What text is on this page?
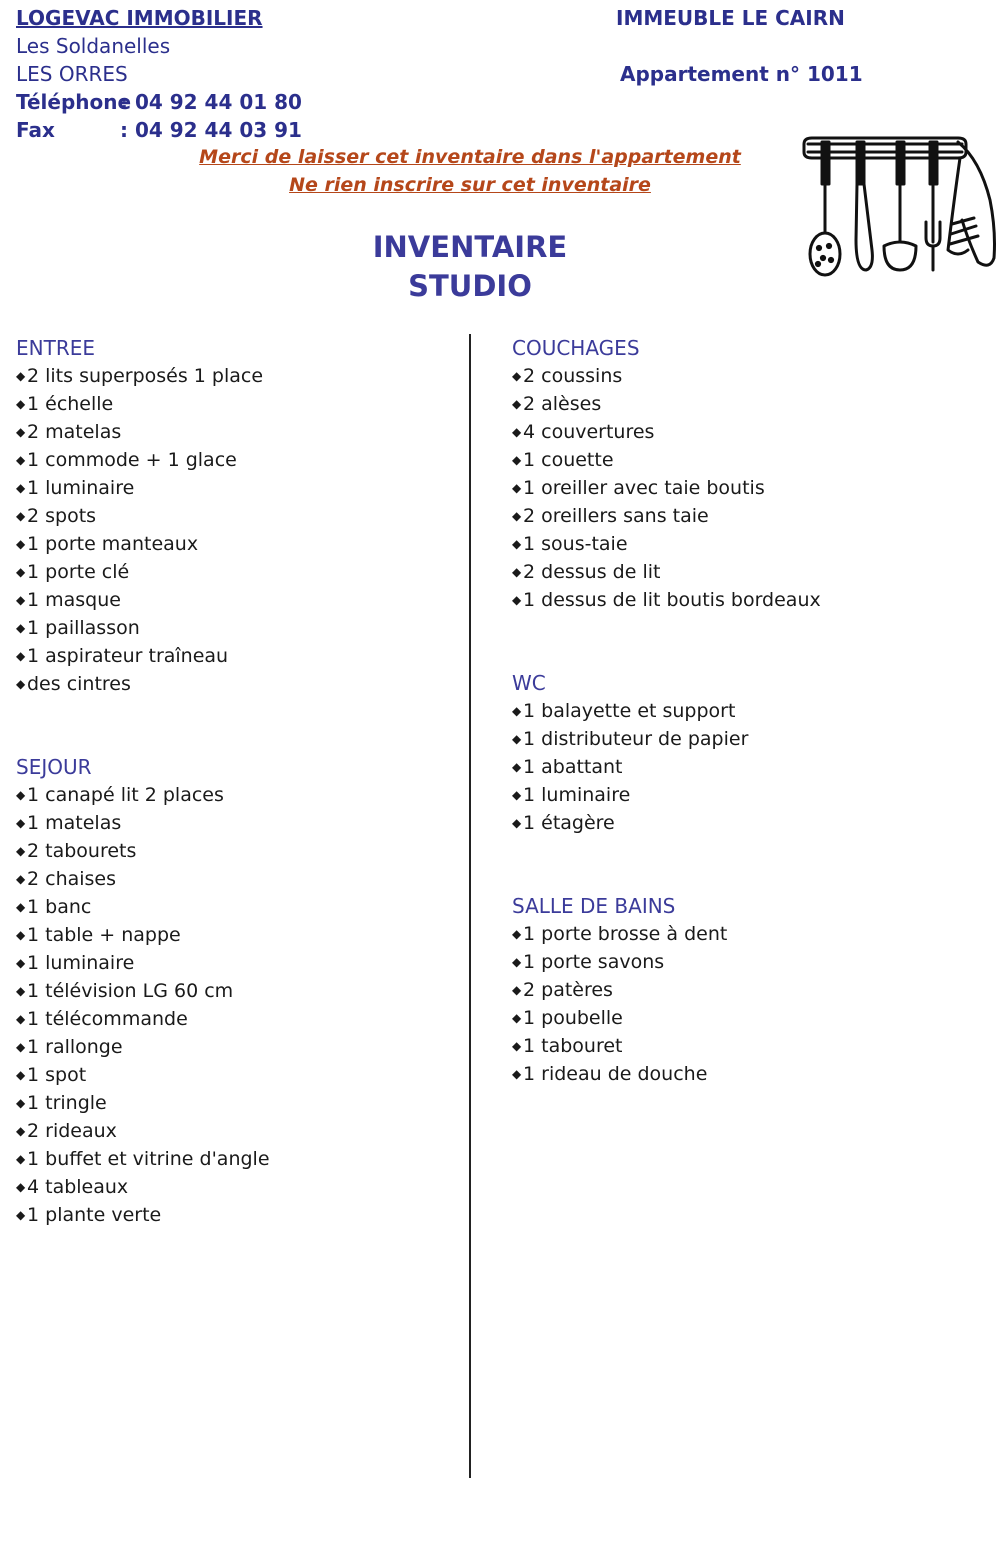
LOGEVAC IMMOBILIER
Les Soldanelles
LES ORRES
Téléphone: 04 92 44 01 80
Fax	: 04 92 44 03 91
IMMEUBLE LE CAIRN
Appartement n° 1011
Merci de laisser cet inventaire dans l'appartement
Ne rien inscrire sur cet inventaire
INVENTAIRE
STUDIO
ENTREE
◆2 lits superposés 1 place
◆1 échelle
◆2 matelas
◆1 commode + 1 glace
◆1 luminaire
◆2 spots
◆1 porte manteaux
◆1 porte clé
◆1 masque
◆1 paillasson
◆1 aspirateur traîneau
◆des cintres
SEJOUR
◆1 canapé lit 2 places
◆1 matelas
◆2 tabourets
◆2 chaises
◆1 banc
◆1 table + nappe
◆1 luminaire
◆1 télévision LG 60 cm
◆1 télécommande
◆1 rallonge
◆1 spot
◆1 tringle
◆2 rideaux
◆1 buffet et vitrine d'angle
◆4 tableaux
◆1 plante verte
COUCHAGES
◆2 coussins
◆2 alèses
◆4 couvertures
◆1 couette
◆1 oreiller avec taie boutis
◆2 oreillers sans taie
◆1 sous-taie
◆2 dessus de lit
◆1 dessus de lit boutis bordeaux
WC
◆1 balayette et support
◆1 distributeur de papier
◆1 abattant
◆1 luminaire
◆1 étagère
SALLE DE BAINS
◆1 porte brosse à dent
◆1 porte savons
◆2 patères
◆1 poubelle
◆1 tabouret
◆1 rideau de douche
